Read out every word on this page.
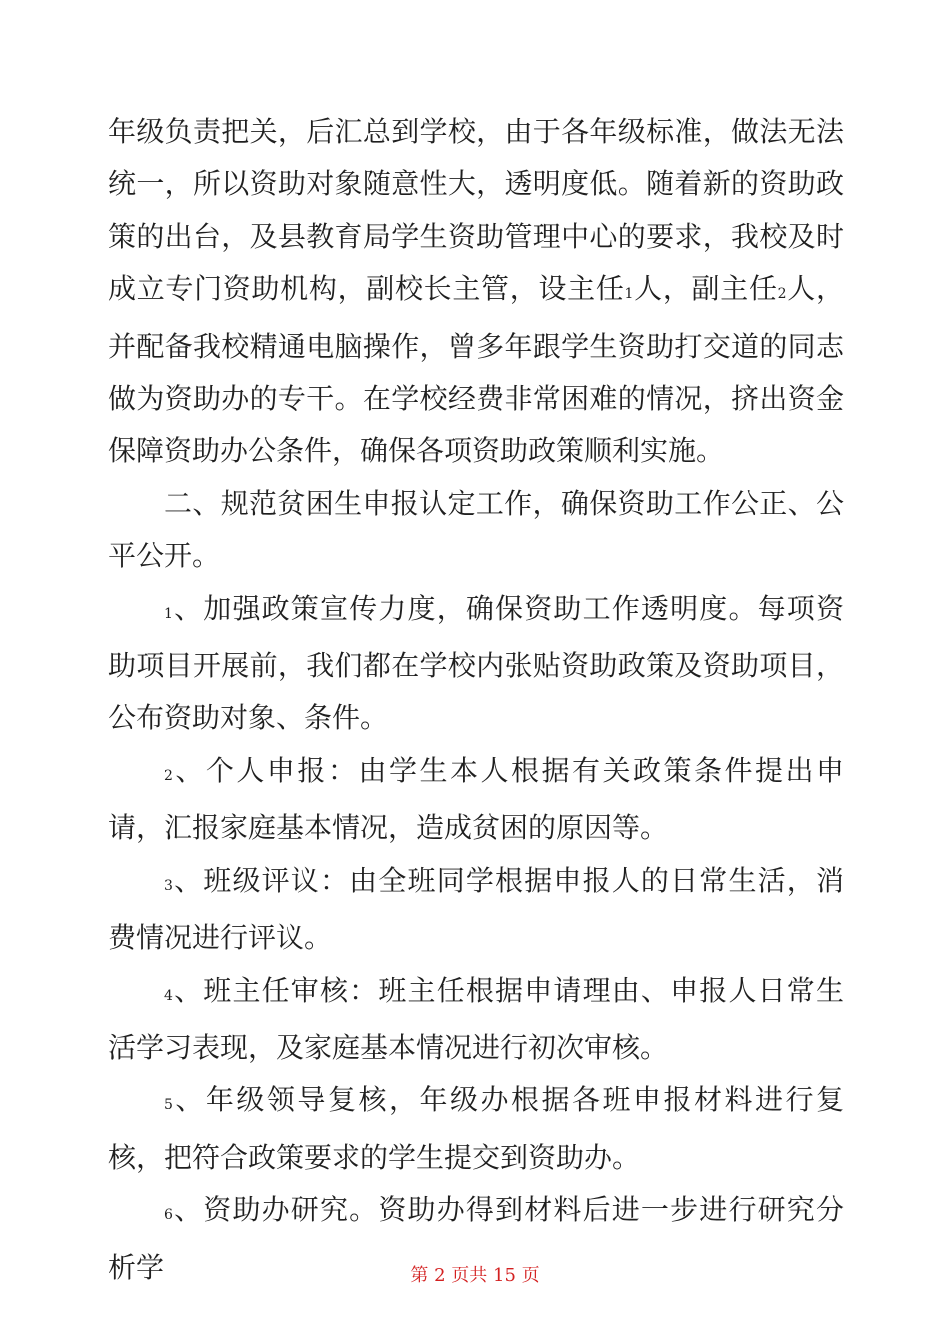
年级负责把关，后汇总到学校，由于各年级标准，做法无法统一，所以资助对象随意性大，透明度低。随着新的资助政策的出台，及县教育局学生资助管理中心的要求，我校及时成立专门资助机构，副校长主管，设主任1人，副主任2人，并配备我校精通电脑操作，曾多年跟学生资助打交道的同志做为资助办的专干。在学校经费非常困难的情况，挤出资金保障资助办公条件，确保各项资助政策顺利实施。

二、规范贫困生申报认定工作，确保资助工作公正、公平公开。

1、加强政策宣传力度，确保资助工作透明度。每项资助项目开展前，我们都在学校内张贴资助政策及资助项目，公布资助对象、条件。

2、个人申报：由学生本人根据有关政策条件提出申请，汇报家庭基本情况，造成贫困的原因等。

3、班级评议：由全班同学根据申报人的日常生活，消费情况进行评议。

4、班主任审核：班主任根据申请理由、申报人日常生活学习表现，及家庭基本情况进行初次审核。

5、年级领导复核，年级办根据各班申报材料进行复核，把符合政策要求的学生提交到资助办。

6、资助办研究。资助办得到材料后进一步进行研究分析学	第 2 页共 15 页
